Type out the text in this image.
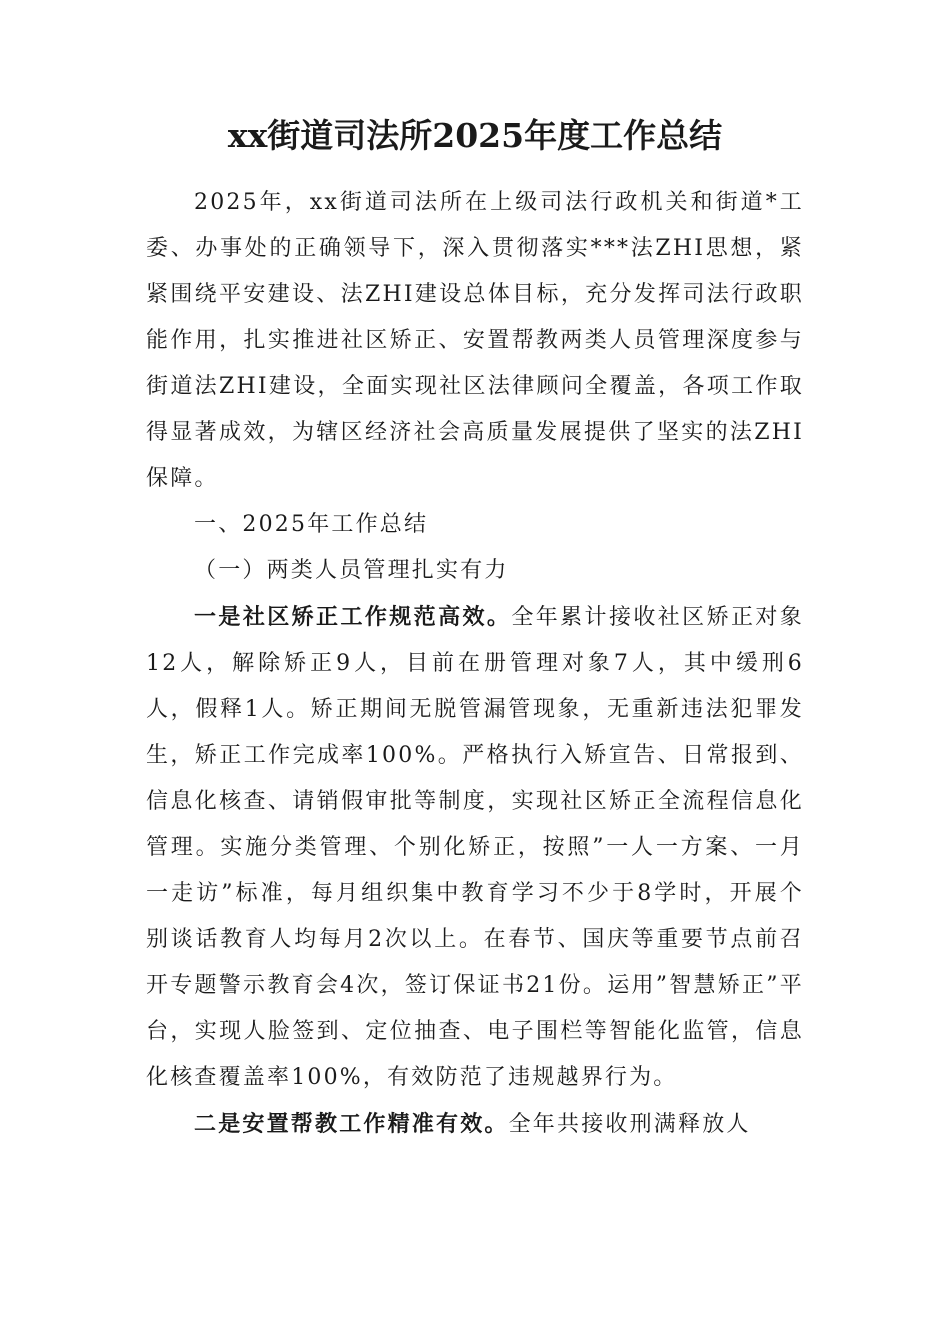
xx街道司法所2025年度工作总结

2025年，xx街道司法所在上级司法行政机关和街道*工委、办事处的正确领导下，深入贯彻落实***法ZHI思想，紧紧围绕平安建设、法ZHI建设总体目标，充分发挥司法行政职能作用，扎实推进社区矫正、安置帮教两类人员管理深度参与街道法ZHI建设，全面实现社区法律顾问全覆盖，各项工作取得显著成效，为辖区经济社会高质量发展提供了坚实的法ZHI保障。

一、2025年工作总结

（一）两类人员管理扎实有力

一是社区矫正工作规范高效。全年累计接收社区矫正对象12人，解除矫正9人，目前在册管理对象7人，其中缓刑6人，假释1人。矫正期间无脱管漏管现象，无重新违法犯罪发生，矫正工作完成率100%。严格执行入矫宣告、日常报到、信息化核查、请销假审批等制度，实现社区矫正全流程信息化管理。实施分类管理、个别化矫正，按照”一人一方案、一月一走访”标准，每月组织集中教育学习不少于8学时，开展个别谈话教育人均每月2次以上。在春节、国庆等重要节点前召开专题警示教育会4次，签订保证书21份。运用”智慧矫正”平台，实现人脸签到、定位抽查、电子围栏等智能化监管，信息化核查覆盖率100%，有效防范了违规越界行为。

二是安置帮教工作精准有效。全年共接收刑满释放人
